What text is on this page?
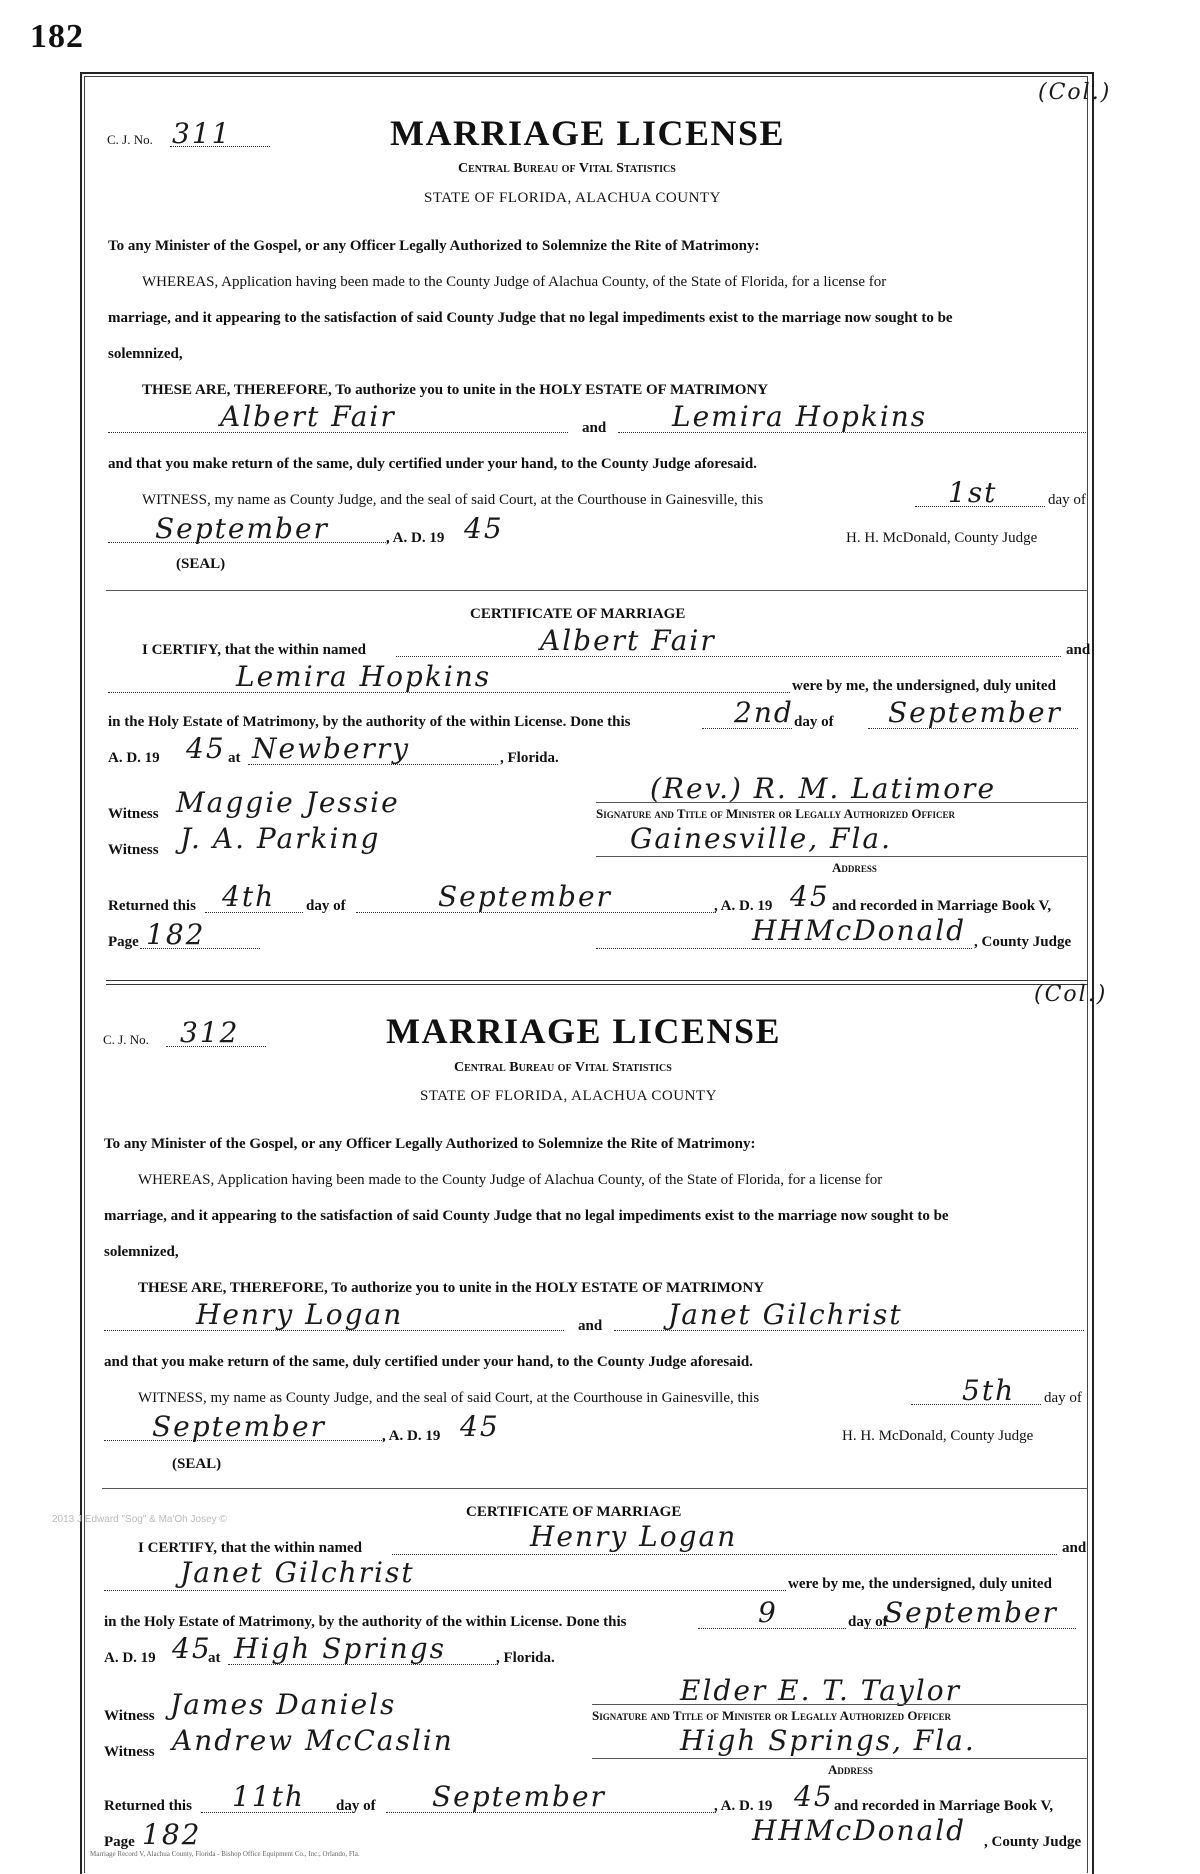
182
C. J. No. 311
(Col.)
MARRIAGE LICENSE
Central Bureau of Vital Statistics
STATE OF FLORIDA, ALACHUA COUNTY
To any Minister of the Gospel, or any Officer Legally Authorized to Solemnize the Rite of Matrimony:
WHEREAS, Application having been made to the County Judge of Alachua County, of the State of Florida, for a license for
marriage, and it appearing to the satisfaction of said County Judge that no legal impediments exist to the marriage now sought to be
solemnized,
THESE ARE, THEREFORE, To authorize you to unite in the HOLY ESTATE OF MATRIMONY
Albert Fair	and Lemira Hopkins
and that you make return of the same, duly certified under your hand, to the County Judge aforesaid.
WITNESS, my name as County Judge, and the seal of said Court, at the Courthouse in Gainesville, this	1st	day of
September	, A. D. 19 45	H. H. McDonald, County Judge
(SEAL)
CERTIFICATE OF MARRIAGE
I CERTIFY, that the within named	Albert Fair	and
Lemira Hopkins	were by me, the undersigned, duly united
in the Holy Estate of Matrimony, by the authority of the within License. Done this	2nd day of September
A. D. 19 45 at Newberry	, Florida.
(Rev.) R. M. Latimore
Witness Maggie Jessie	Signature and Title of Minister or Legally Authorized Officer
Witness J. A. Parking	Gainesville, Fla.
Address
Returned this 4th day of	September	, A. D. 19 45 and recorded in Marriage Book V,
Page 182	HHMcDonald , County Judge
C. J. No. 312
(Col.)
MARRIAGE LICENSE
Central Bureau of Vital Statistics
STATE OF FLORIDA, ALACHUA COUNTY
To any Minister of the Gospel, or any Officer Legally Authorized to Solemnize the Rite of Matrimony:
WHEREAS, Application having been made to the County Judge of Alachua County, of the State of Florida, for a license for
marriage, and it appearing to the satisfaction of said County Judge that no legal impediments exist to the marriage now sought to be
solemnized,
THESE ARE, THEREFORE, To authorize you to unite in the HOLY ESTATE OF MATRIMONY
Henry Logan	and Janet Gilchrist
and that you make return of the same, duly certified under your hand, to the County Judge aforesaid.
WITNESS, my name as County Judge, and the seal of said Court, at the Courthouse in Gainesville, this	5th day of
September	, A. D. 19 45	H. H. McDonald, County Judge
(SEAL)
CERTIFICATE OF MARRIAGE
I CERTIFY, that the within named	Henry Logan	and
Janet Gilchrist	were by me, the undersigned, duly united
in the Holy Estate of Matrimony, by the authority of the within License. Done this	9	day of
September
A. D. 19 45
at High Springs	, Florida.
Elder E. T. Taylor
Witness James Daniels	Signature and Title of Minister or Legally Authorized Officer
Witness Andrew McCaslin	High Springs, Fla.
Address
Returned this 11th day of September	, A. D. 19 45 and recorded in Marriage Book V,
Page 182	HHMcDonald , County Judge
2013 J Edward "Sog" & Ma'Oh Josey ©
Marriage Record V, Alachua County, Florida - Bishop Office Equipment Co., Inc., Orlando, Fla.
